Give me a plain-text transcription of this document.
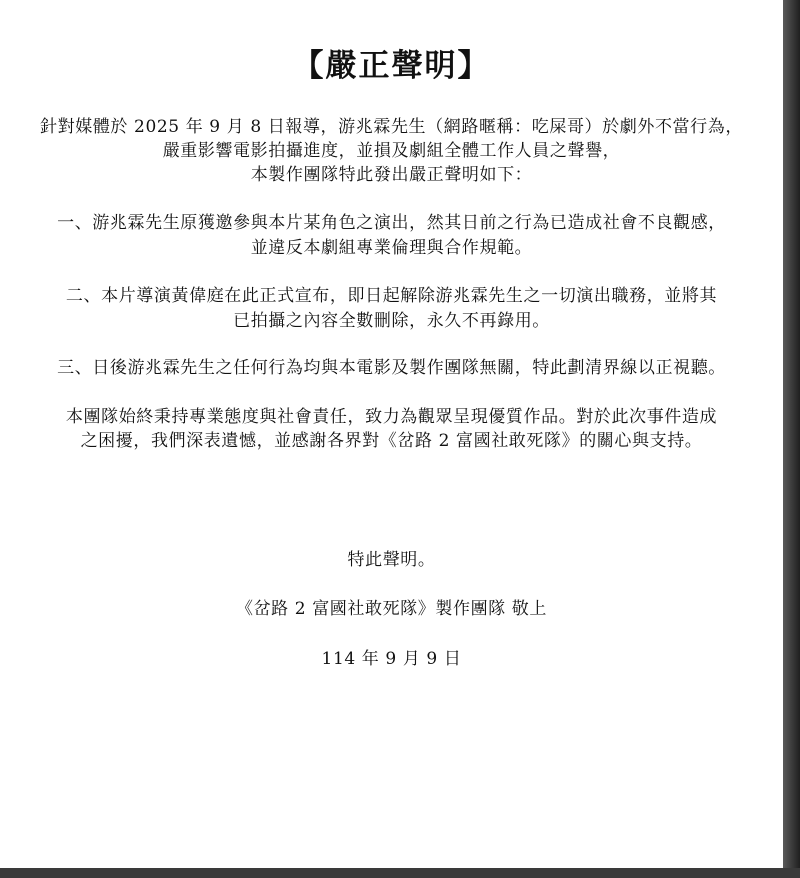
【嚴正聲明】
針對媒體於 2025 年 9 月 8 日報導，游兆霖先生（網路暱稱：吃屎哥）於劇外不當行為，
嚴重影響電影拍攝進度，並損及劇組全體工作人員之聲譽，
本製作團隊特此發出嚴正聲明如下：
一、游兆霖先生原獲邀參與本片某角色之演出，然其日前之行為已造成社會不良觀感，
並違反本劇組專業倫理與合作規範。
二、本片導演黃偉庭在此正式宣布，即日起解除游兆霖先生之一切演出職務，並將其
已拍攝之內容全數刪除，永久不再錄用。
三、日後游兆霖先生之任何行為均與本電影及製作團隊無關，特此劃清界線以正視聽。
本團隊始終秉持專業態度與社會責任，致力為觀眾呈現優質作品。對於此次事件造成
之困擾，我們深表遺憾，並感謝各界對《岔路 2 富國社敢死隊》的關心與支持。
特此聲明。
《岔路 2 富國社敢死隊》製作團隊 敬上
114 年 9 月 9 日
